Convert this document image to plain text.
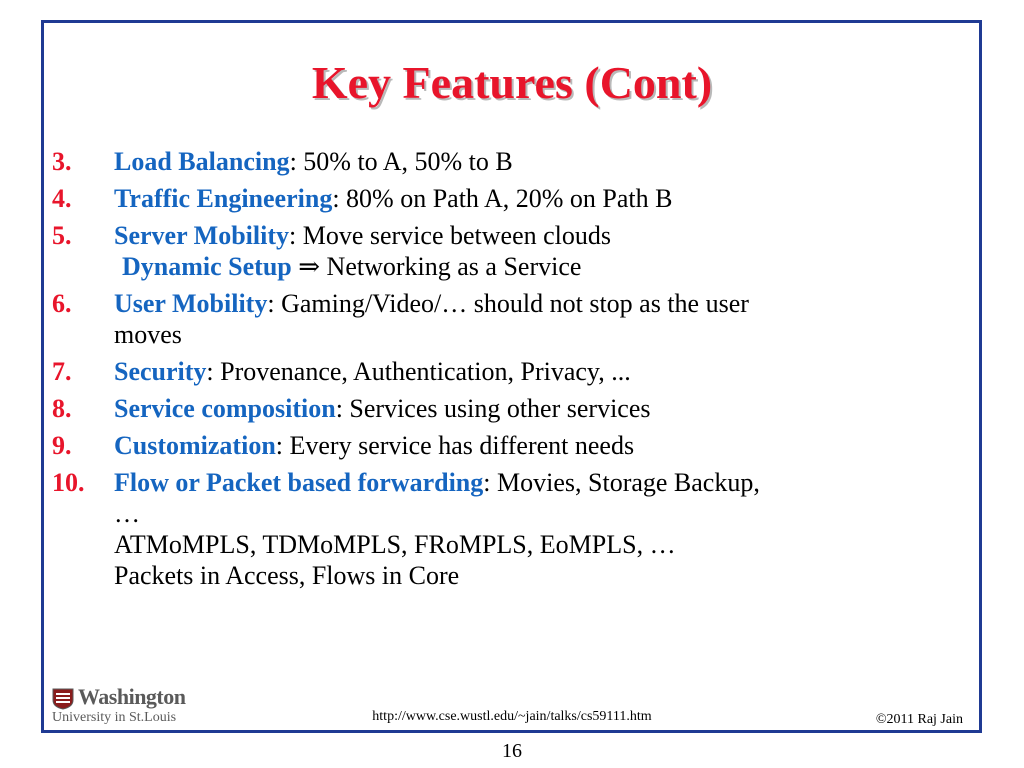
Key Features (Cont)
3.	Load Balancing: 50% to A, 50% to B
4.	Traffic Engineering: 80% on Path A, 20% on Path B
5.	Server Mobility: Move service between clouds
Dynamic Setup ⇒ Networking as a Service
6.	User Mobility: Gaming/Video/… should not stop as the user
moves
7.	Security: Provenance, Authentication, Privacy, ...
8.	Service composition: Services using other services
9.	Customization: Every service has different needs
10.	Flow or Packet based forwarding: Movies, Storage Backup,
…
ATMoMPLS, TDMoMPLS, FRoMPLS, EoMPLS, …
Packets in Access, Flows in Core
Washington
University in St.Louis	http://www.cse.wustl.edu/~jain/talks/cs59111.htm	©2011 Raj Jain
16
